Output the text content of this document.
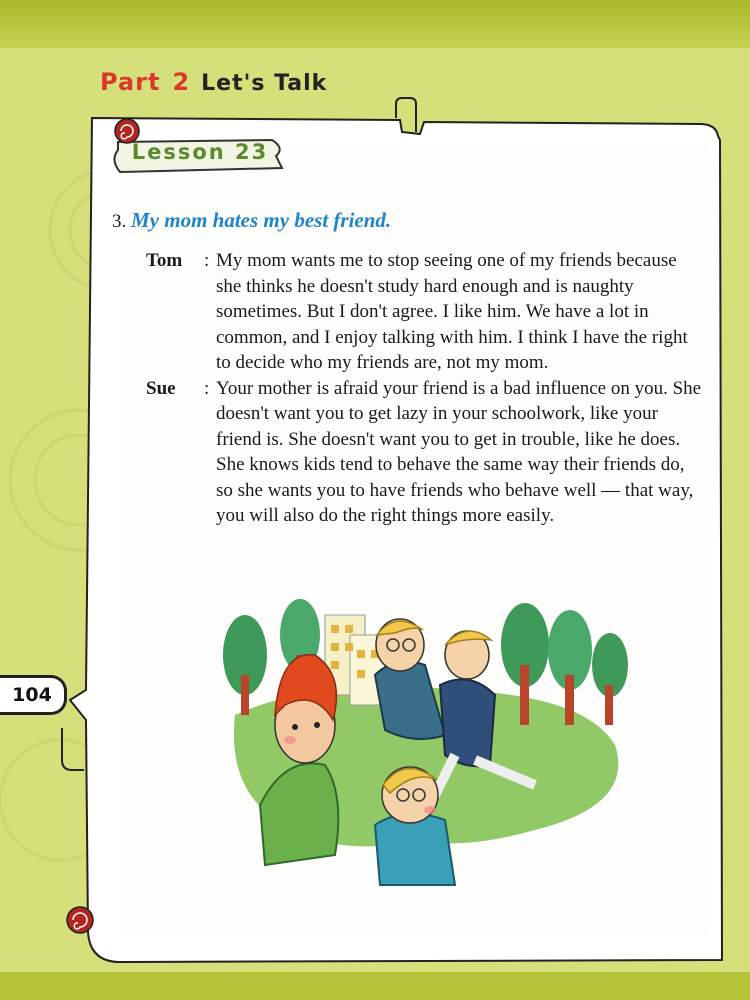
Part 2 Let's Talk
Lesson 23
3. My mom hates my best friend.
Tom	: My mom wants me to stop seeing one of my friends because she thinks he doesn't study hard enough and is naughty sometimes. But I don't agree. I like him. We have a lot in common, and I enjoy talking with him. I think I have the right to decide who my friends are, not my mom.
Sue	: Your mother is afraid your friend is a bad influence on you. She doesn't want you to get lazy in your schoolwork, like your friend is. She doesn't want you to get in trouble, like he does. She knows kids tend to behave the same way their friends do, so she wants you to have friends who behave well — that way, you will also do the right things more easily.
104
